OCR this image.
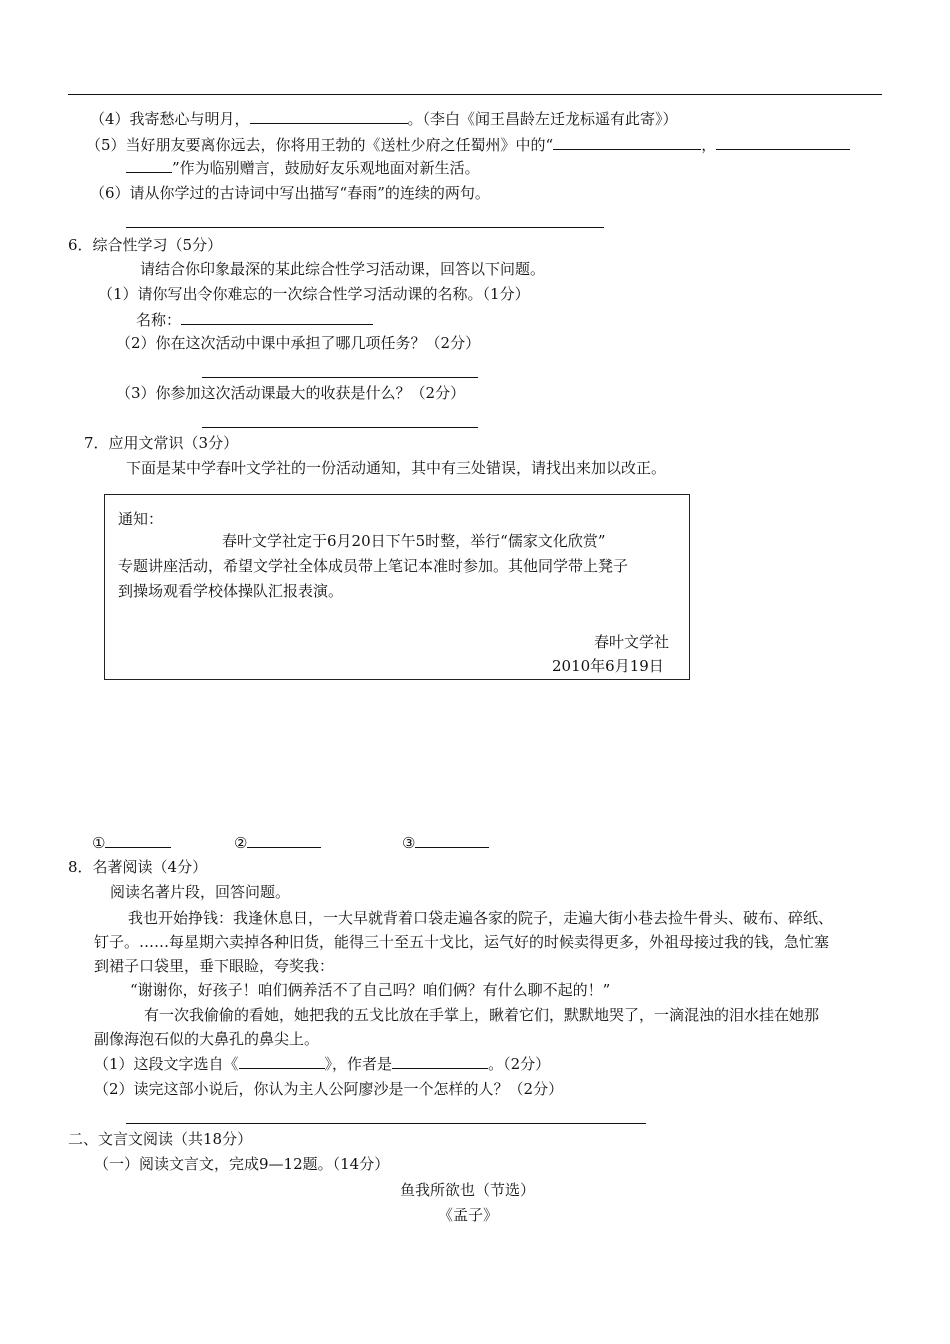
（4）我寄愁心与明月，	。（李白《闻王昌龄左迁龙标遥有此寄》）
（5）当好朋友要离你远去，你将用王勃的《送杜少府之任蜀州》中的“	，
”作为临别赠言，鼓励好友乐观地面对新生活。
（6）请从你学过的古诗词中写出描写“春雨”的连续的两句。
6．综合性学习（5分）
请结合你印象最深的某此综合性学习活动课，回答以下问题。
（1）请你写出令你难忘的一次综合性学习活动课的名称。（1分）
名称：
（2）你在这次活动中课中承担了哪几项任务？（2分）
（3）你参加这次活动课最大的收获是什么？（2分）
7．应用文常识（3分）
下面是某中学春叶文学社的一份活动通知，其中有三处错误，请找出来加以改正。
通知：
春叶文学社定于6月20日下午5时整，举行“儒家文化欣赏”
专题讲座活动，希望文学社全体成员带上笔记本准时参加。其他同学带上凳子
到操场观看学校体操队汇报表演。
春叶文学社
2010年6月19日
①	②	③
8．名著阅读（4分）
阅读名著片段，回答问题。
我也开始挣钱：我逢休息日，一大早就背着口袋走遍各家的院子，走遍大街小巷去捡牛骨头、破布、碎纸、
钉子。……每星期六卖掉各种旧货，能得三十至五十戈比，运气好的时候卖得更多，外祖母接过我的钱，急忙塞
到裙子口袋里，垂下眼睑，夸奖我：
“谢谢你，好孩子！咱们俩养活不了自己吗？咱们俩？有什么聊不起的！”
有一次我偷偷的看她，她把我的五戈比放在手掌上，瞅着它们，默默地哭了，一滴混浊的泪水挂在她那
副像海泡石似的大鼻孔的鼻尖上。
（1）这段文字选自《	》，作者是	。（2分）
（2）读完这部小说后，你认为主人公阿廖沙是一个怎样的人？（2分）
二、文言文阅读（共18分）
（一）阅读文言文，完成9—12题。（14分）
鱼我所欲也（节选）
《孟子》
